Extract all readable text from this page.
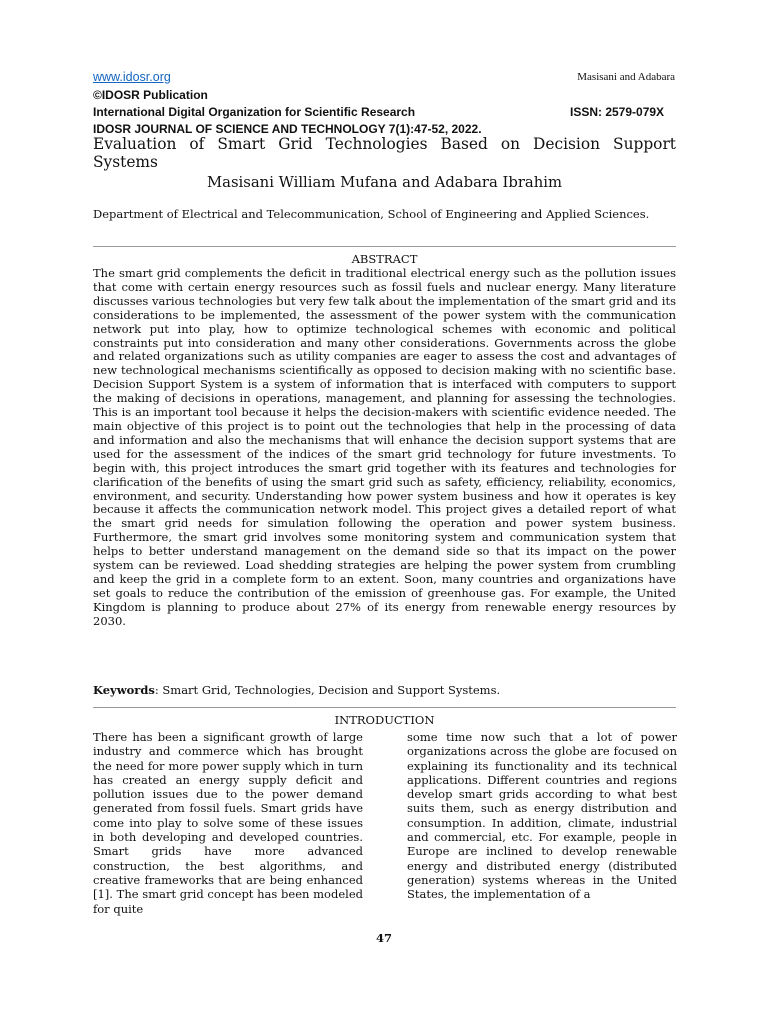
www.idosr.org	Masisani and Adabara
©IDOSR Publication
International Digital Organization for Scientific Research	ISSN: 2579-079X
IDOSR JOURNAL OF SCIENCE AND TECHNOLOGY 7(1):47-52, 2022.
Evaluation of Smart Grid Technologies Based on Decision Support Systems
Masisani William Mufana and Adabara Ibrahim
Department of Electrical and Telecommunication, School of Engineering and Applied Sciences.
ABSTRACT
The smart grid complements the deficit in traditional electrical energy such as the pollution issues that come with certain energy resources such as fossil fuels and nuclear energy. Many literature discusses various technologies but very few talk about the implementation of the smart grid and its considerations to be implemented, the assessment of the power system with the communication network put into play, how to optimize technological schemes with economic and political constraints put into consideration and many other considerations. Governments across the globe and related organizations such as utility companies are eager to assess the cost and advantages of new technological mechanisms scientifically as opposed to decision making with no scientific base. Decision Support System is a system of information that is interfaced with computers to support the making of decisions in operations, management, and planning for assessing the technologies. This is an important tool because it helps the decision-makers with scientific evidence needed. The main objective of this project is to point out the technologies that help in the processing of data and information and also the mechanisms that will enhance the decision support systems that are used for the assessment of the indices of the smart grid technology for future investments. To begin with, this project introduces the smart grid together with its features and technologies for clarification of the benefits of using the smart grid such as safety, efficiency, reliability, economics, environment, and security. Understanding how power system business and how it operates is key because it affects the communication network model. This project gives a detailed report of what the smart grid needs for simulation following the operation and power system business. Furthermore, the smart grid involves some monitoring system and communication system that helps to better understand management on the demand side so that its impact on the power system can be reviewed. Load shedding strategies are helping the power system from crumbling and keep the grid in a complete form to an extent. Soon, many countries and organizations have set goals to reduce the contribution of the emission of greenhouse gas. For example, the United Kingdom is planning to produce about 27% of its energy from renewable energy resources by 2030.
Keywords: Smart Grid, Technologies, Decision and Support Systems.
INTRODUCTION
There has been a significant growth of large industry and commerce which has brought the need for more power supply which in turn has created an energy supply deficit and pollution issues due to the power demand generated from fossil fuels. Smart grids have come into play to solve some of these issues in both developing and developed countries. Smart grids have more advanced construction, the best algorithms, and creative frameworks that are being enhanced [1]. The smart grid concept has been modeled for quite
some time now such that a lot of power organizations across the globe are focused on explaining its functionality and its technical applications. Different countries and regions develop smart grids according to what best suits them, such as energy distribution and consumption. In addition, climate, industrial and commercial, etc. For example, people in Europe are inclined to develop renewable energy and distributed energy (distributed generation) systems whereas in the United States, the implementation of a
47
